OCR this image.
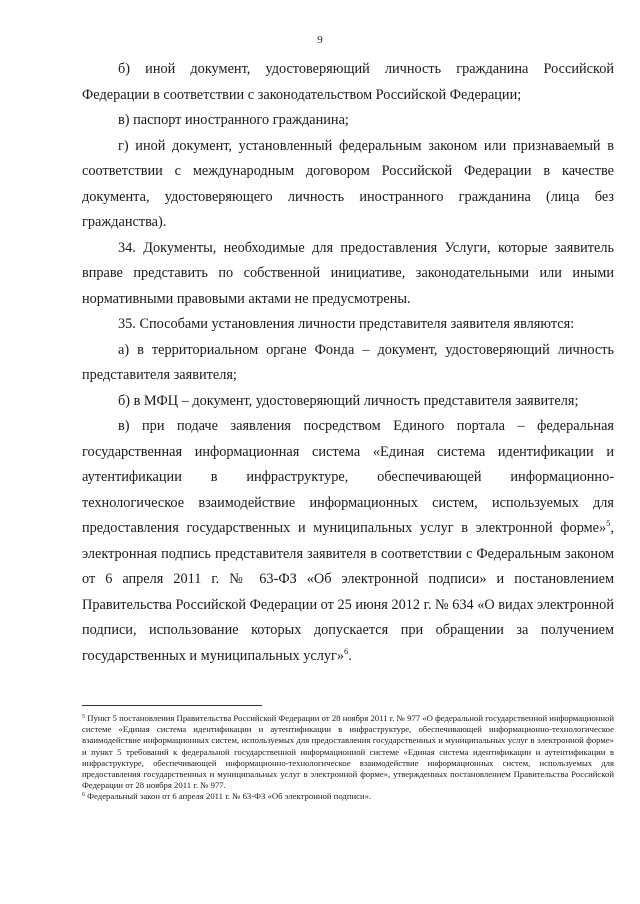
9

б) иной документ, удостоверяющий личность гражданина Российской Федерации в соответствии с законодательством Российской Федерации;

в) паспорт иностранного гражданина;

г) иной документ, установленный федеральным законом или признаваемый в соответствии с международным договором Российской Федерации в качестве документа, удостоверяющего личность иностранного гражданина (лица без гражданства).

34. Документы, необходимые для предоставления Услуги, которые заявитель вправе представить по собственной инициативе, законодательными или иными нормативными правовыми актами не предусмотрены.

35. Способами установления личности представителя заявителя являются:

а) в территориальном органе Фонда – документ, удостоверяющий личность представителя заявителя;

б) в МФЦ – документ, удостоверяющий личность представителя заявителя;

в) при подаче заявления посредством Единого портала – федеральная государственная информационная система «Единая система идентификации и аутентификации в инфраструктуре, обеспечивающей информационно-технологическое взаимодействие информационных систем, используемых для предоставления государственных и муниципальных услуг в электронной форме»$^5$, электронная подпись представителя заявителя в соответствии с Федеральным законом от 6 апреля 2011 г. № 63-ФЗ «Об электронной подписи» и постановлением Правительства Российской Федерации от 25 июня 2012 г. № 634 «О видах электронной подписи, использование которых допускается при обращении за получением государственных и муниципальных услуг»$^6$.

$^5$ Пункт 5 постановления Правительства Российской Федерации от 28 ноября 2011 г. № 977 «О федеральной государственной информационной системе «Единая система идентификации и аутентификации в инфраструктуре, обеспечивающей информационно-технологическое взаимодействие информационных систем, используемых для предоставления государственных и муниципальных услуг в электронной форме» и пункт 5 требований к федеральной государственной информационной системе «Единая система идентификации и аутентификации в инфраструктуре, обеспечивающей информационно-технологическое взаимодействие информационных систем, используемых для предоставления государственных и муниципальных услуг в электронной форме», утвержденных постановлением Правительства Российской Федерации от 28 ноября 2011 г. № 977.

$^6$ Федеральный закон от 6 апреля 2011 г. № 63-ФЗ «Об электронной подписи».
